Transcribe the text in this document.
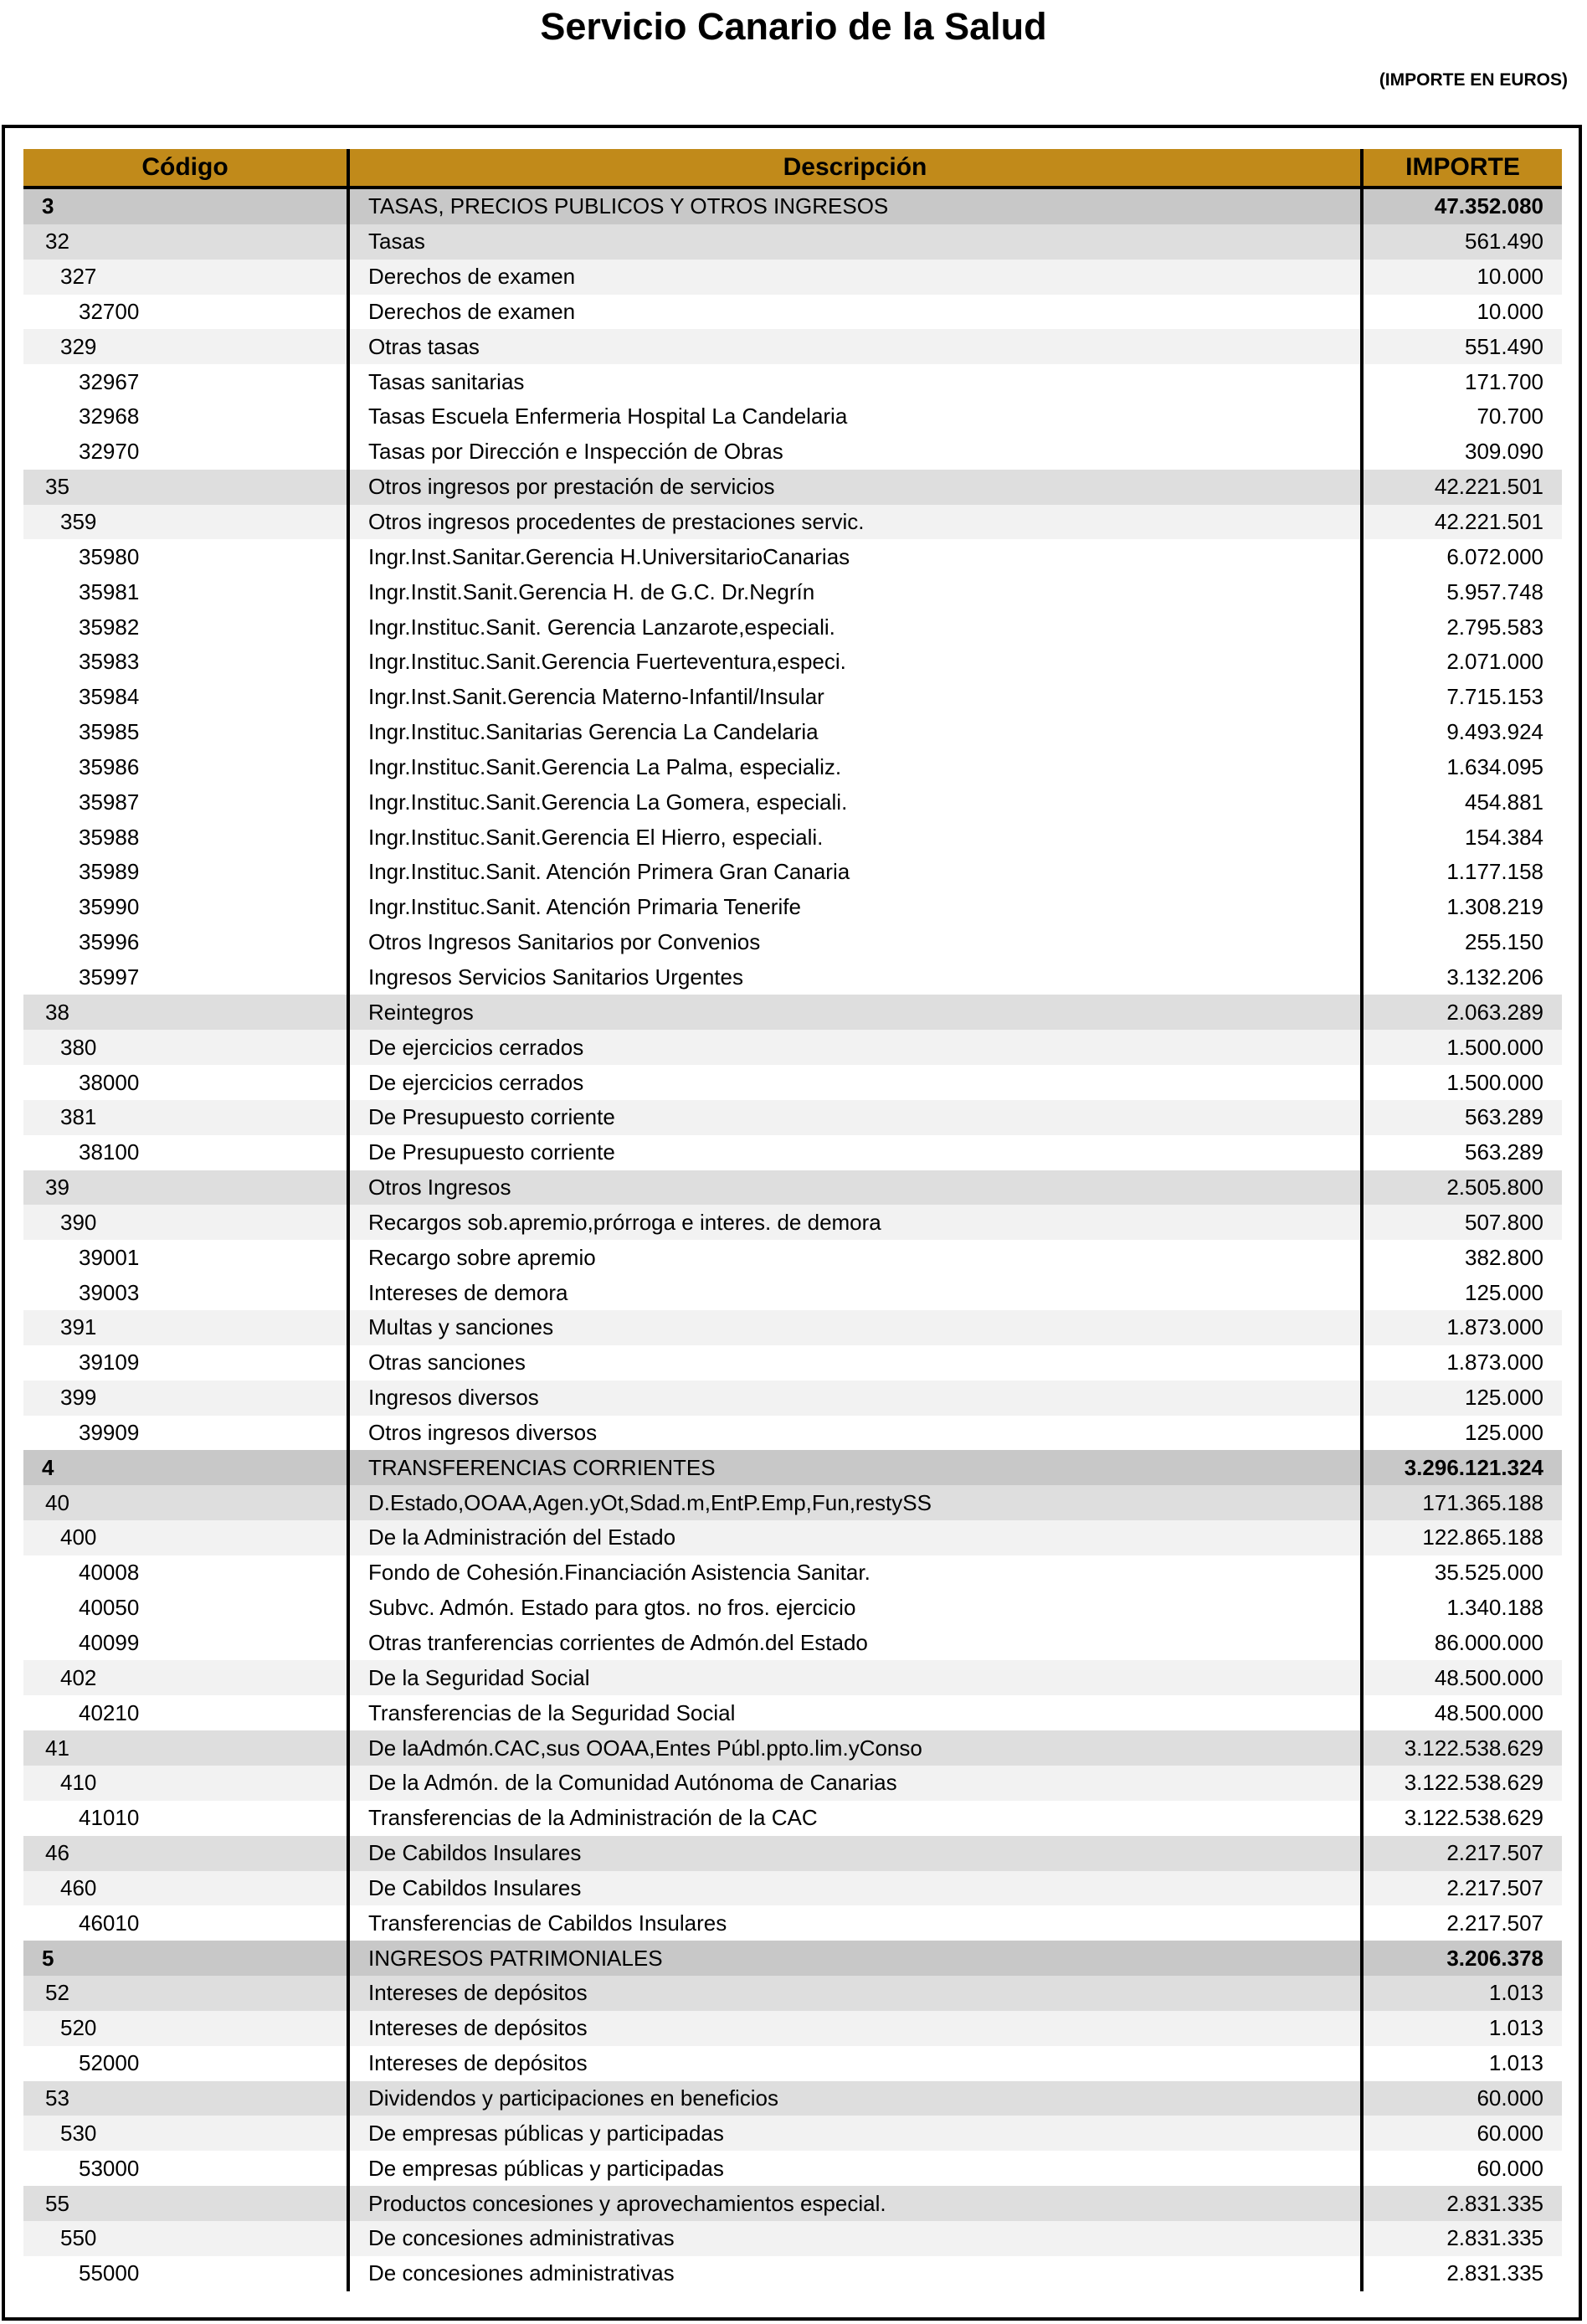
Servicio Canario de la Salud
(IMPORTE EN EUROS)
Código	Descripción	IMPORTE
3	TASAS, PRECIOS PUBLICOS Y OTROS INGRESOS	47.352.080
32	Tasas	561.490
327	Derechos de examen	10.000
32700	Derechos de examen	10.000
329	Otras tasas	551.490
32967	Tasas sanitarias	171.700
32968	Tasas Escuela Enfermeria Hospital La Candelaria	70.700
32970	Tasas por Dirección e Inspección de Obras	309.090
35	Otros ingresos por prestación de servicios	42.221.501
359	Otros ingresos procedentes de prestaciones servic.	42.221.501
35980	Ingr.Inst.Sanitar.Gerencia H.UniversitarioCanarias	6.072.000
35981	Ingr.Instit.Sanit.Gerencia H. de G.C. Dr.Negrín	5.957.748
35982	Ingr.Instituc.Sanit. Gerencia Lanzarote,especiali.	2.795.583
35983	Ingr.Instituc.Sanit.Gerencia Fuerteventura,especi.	2.071.000
35984	Ingr.Inst.Sanit.Gerencia Materno-Infantil/Insular	7.715.153
35985	Ingr.Instituc.Sanitarias Gerencia La Candelaria	9.493.924
35986	Ingr.Instituc.Sanit.Gerencia La Palma, especializ.	1.634.095
35987	Ingr.Instituc.Sanit.Gerencia La Gomera, especiali.	454.881
35988	Ingr.Instituc.Sanit.Gerencia El Hierro, especiali.	154.384
35989	Ingr.Instituc.Sanit. Atención Primera Gran Canaria	1.177.158
35990	Ingr.Instituc.Sanit. Atención Primaria Tenerife	1.308.219
35996	Otros Ingresos Sanitarios por Convenios	255.150
35997	Ingresos Servicios Sanitarios Urgentes	3.132.206
38	Reintegros	2.063.289
380	De ejercicios cerrados	1.500.000
38000	De ejercicios cerrados	1.500.000
381	De Presupuesto corriente	563.289
38100	De Presupuesto corriente	563.289
39	Otros Ingresos	2.505.800
390	Recargos sob.apremio,prórroga e interes. de demora	507.800
39001	Recargo sobre apremio	382.800
39003	Intereses de demora	125.000
391	Multas y sanciones	1.873.000
39109	Otras sanciones	1.873.000
399	Ingresos diversos	125.000
39909	Otros ingresos diversos	125.000
4	TRANSFERENCIAS CORRIENTES	3.296.121.324
40	D.Estado,OOAA,Agen.yOt,Sdad.m,EntP.Emp,Fun,restySS	171.365.188
400	De la Administración del Estado	122.865.188
40008	Fondo de Cohesión.Financiación Asistencia Sanitar.	35.525.000
40050	Subvc. Admón. Estado para gtos. no fros. ejercicio	1.340.188
40099	Otras tranferencias corrientes de Admón.del Estado	86.000.000
402	De la Seguridad Social	48.500.000
40210	Transferencias de la Seguridad Social	48.500.000
41	De laAdmón.CAC,sus OOAA,Entes Públ.ppto.lim.yConso	3.122.538.629
410	De la Admón. de la Comunidad Autónoma de Canarias	3.122.538.629
41010	Transferencias de la Administración de la CAC	3.122.538.629
46	De Cabildos Insulares	2.217.507
460	De Cabildos Insulares	2.217.507
46010	Transferencias de Cabildos Insulares	2.217.507
5	INGRESOS PATRIMONIALES	3.206.378
52	Intereses de depósitos	1.013
520	Intereses de depósitos	1.013
52000	Intereses de depósitos	1.013
53	Dividendos y participaciones en beneficios	60.000
530	De empresas públicas y participadas	60.000
53000	De empresas públicas y participadas	60.000
55	Productos concesiones y aprovechamientos especial.	2.831.335
550	De concesiones administrativas	2.831.335
55000	De concesiones administrativas	2.831.335
